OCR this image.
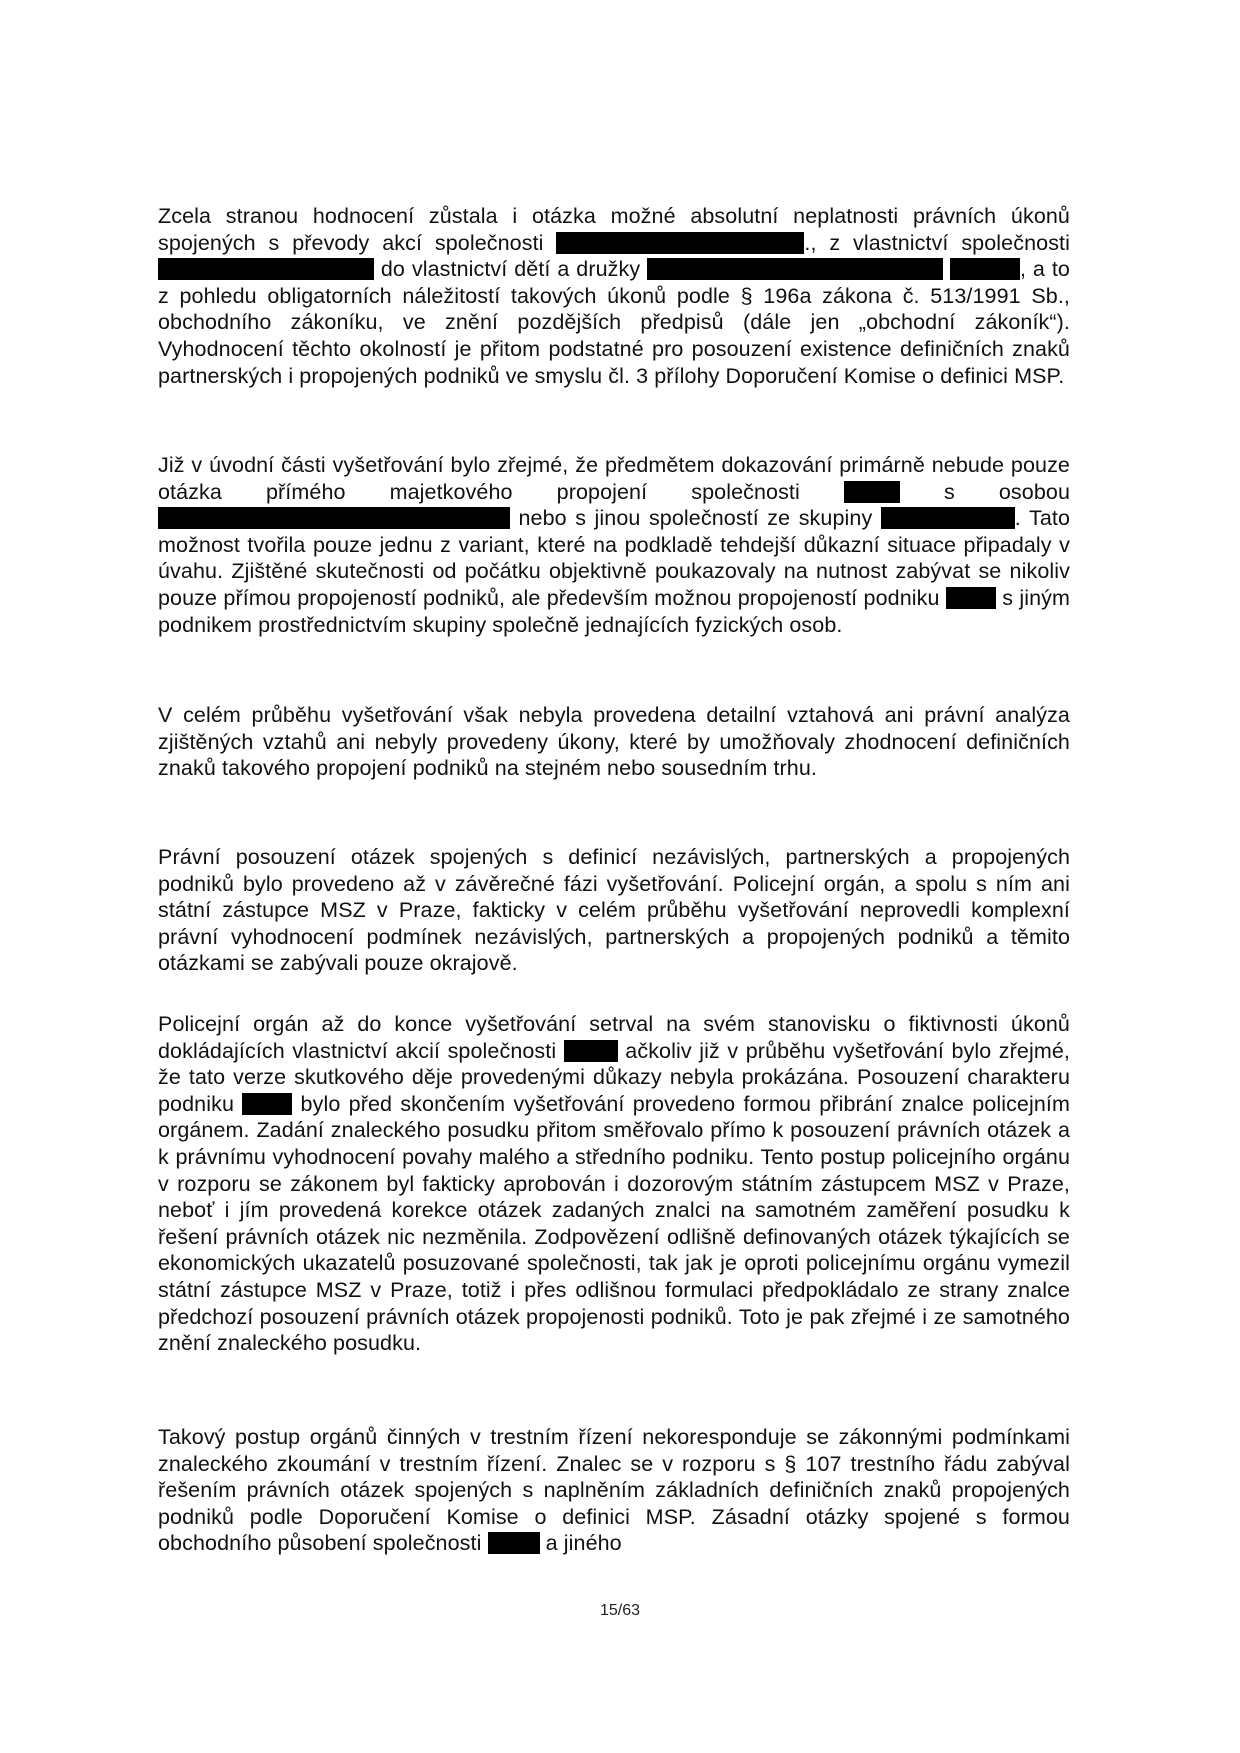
Zcela stranou hodnocení zůstala i otázka možné absolutní neplatnosti právních úkonů spojených s převody akcí společnosti	., z vlastnictví společnosti  do vlastnictví dětí a družky	, a to z pohledu obligatorních náležitostí takových úkonů podle § 196a zákona č. 513/1991 Sb., obchodního zákoníku, ve znění pozdějších předpisů (dále jen „obchodní zákoník“). Vyhodnocení těchto okolností je přitom podstatné pro posouzení existence definičních znaků partnerských i propojených podniků ve smyslu čl. 3 přílohy Doporučení Komise o definici MSP.
Již v úvodní části vyšetřování bylo zřejmé, že předmětem dokazování primárně nebude pouze otázka přímého majetkového propojení společnosti	s osobou  nebo s jinou společností ze skupiny	. Tato možnost tvořila pouze jednu z variant, které na podkladě tehdejší důkazní situace připadaly v úvahu. Zjištěné skutečnosti od počátku objektivně poukazovaly na nutnost zabývat se nikoliv pouze přímou propojeností podniků, ale především možnou propojeností podniku	s jiným podnikem prostřednictvím skupiny společně jednajících fyzických osob.
V celém průběhu vyšetřování však nebyla provedena detailní vztahová ani právní analýza zjištěných vztahů ani nebyly provedeny úkony, které by umožňovaly zhodnocení definičních znaků takového propojení podniků na stejném nebo sousedním trhu.
Právní posouzení otázek spojených s definicí nezávislých, partnerských a propojených podniků bylo provedeno až v závěrečné fázi vyšetřování. Policejní orgán, a spolu s ním ani státní zástupce MSZ v Praze, fakticky v celém průběhu vyšetřování neprovedli komplexní právní vyhodnocení podmínek nezávislých, partnerských a propojených podniků a těmito otázkami se zabývali pouze okrajově.
Policejní orgán až do konce vyšetřování setrval na svém stanovisku o fiktivnosti úkonů dokládajících vlastnictví akcií společnosti	ačkoliv již v průběhu vyšetřování bylo zřejmé, že tato verze skutkového děje provedenými důkazy nebyla prokázána. Posouzení charakteru podniku	bylo před skončením vyšetřování provedeno formou přibrání znalce policejním orgánem. Zadání znaleckého posudku přitom směřovalo přímo k posouzení právních otázek a k právnímu vyhodnocení povahy malého a středního podniku. Tento postup policejního orgánu v rozporu se zákonem byl fakticky aprobován i dozorovým státním zástupcem MSZ v Praze, neboť i jím provedená korekce otázek zadaných znalci na samotném zaměření posudku k řešení právních otázek nic nezměnila. Zodpovězení odlišně definovaných otázek týkajících se ekonomických ukazatelů posuzované společnosti, tak jak je oproti policejnímu orgánu vymezil státní zástupce MSZ v Praze, totiž i přes odlišnou formulaci předpokládalo ze strany znalce předchozí posouzení právních otázek propojenosti podniků. Toto je pak zřejmé i ze samotného znění znaleckého posudku.
Takový postup orgánů činných v trestním řízení nekoresponduje se zákonnými podmínkami znaleckého zkoumání v trestním řízení. Znalec se v rozporu s § 107 trestního řádu zabýval řešením právních otázek spojených s naplněním základních definičních znaků propojených podniků podle Doporučení Komise o definici MSP. Zásadní otázky spojené s formou obchodního působení společnosti	a jiného
15/63
